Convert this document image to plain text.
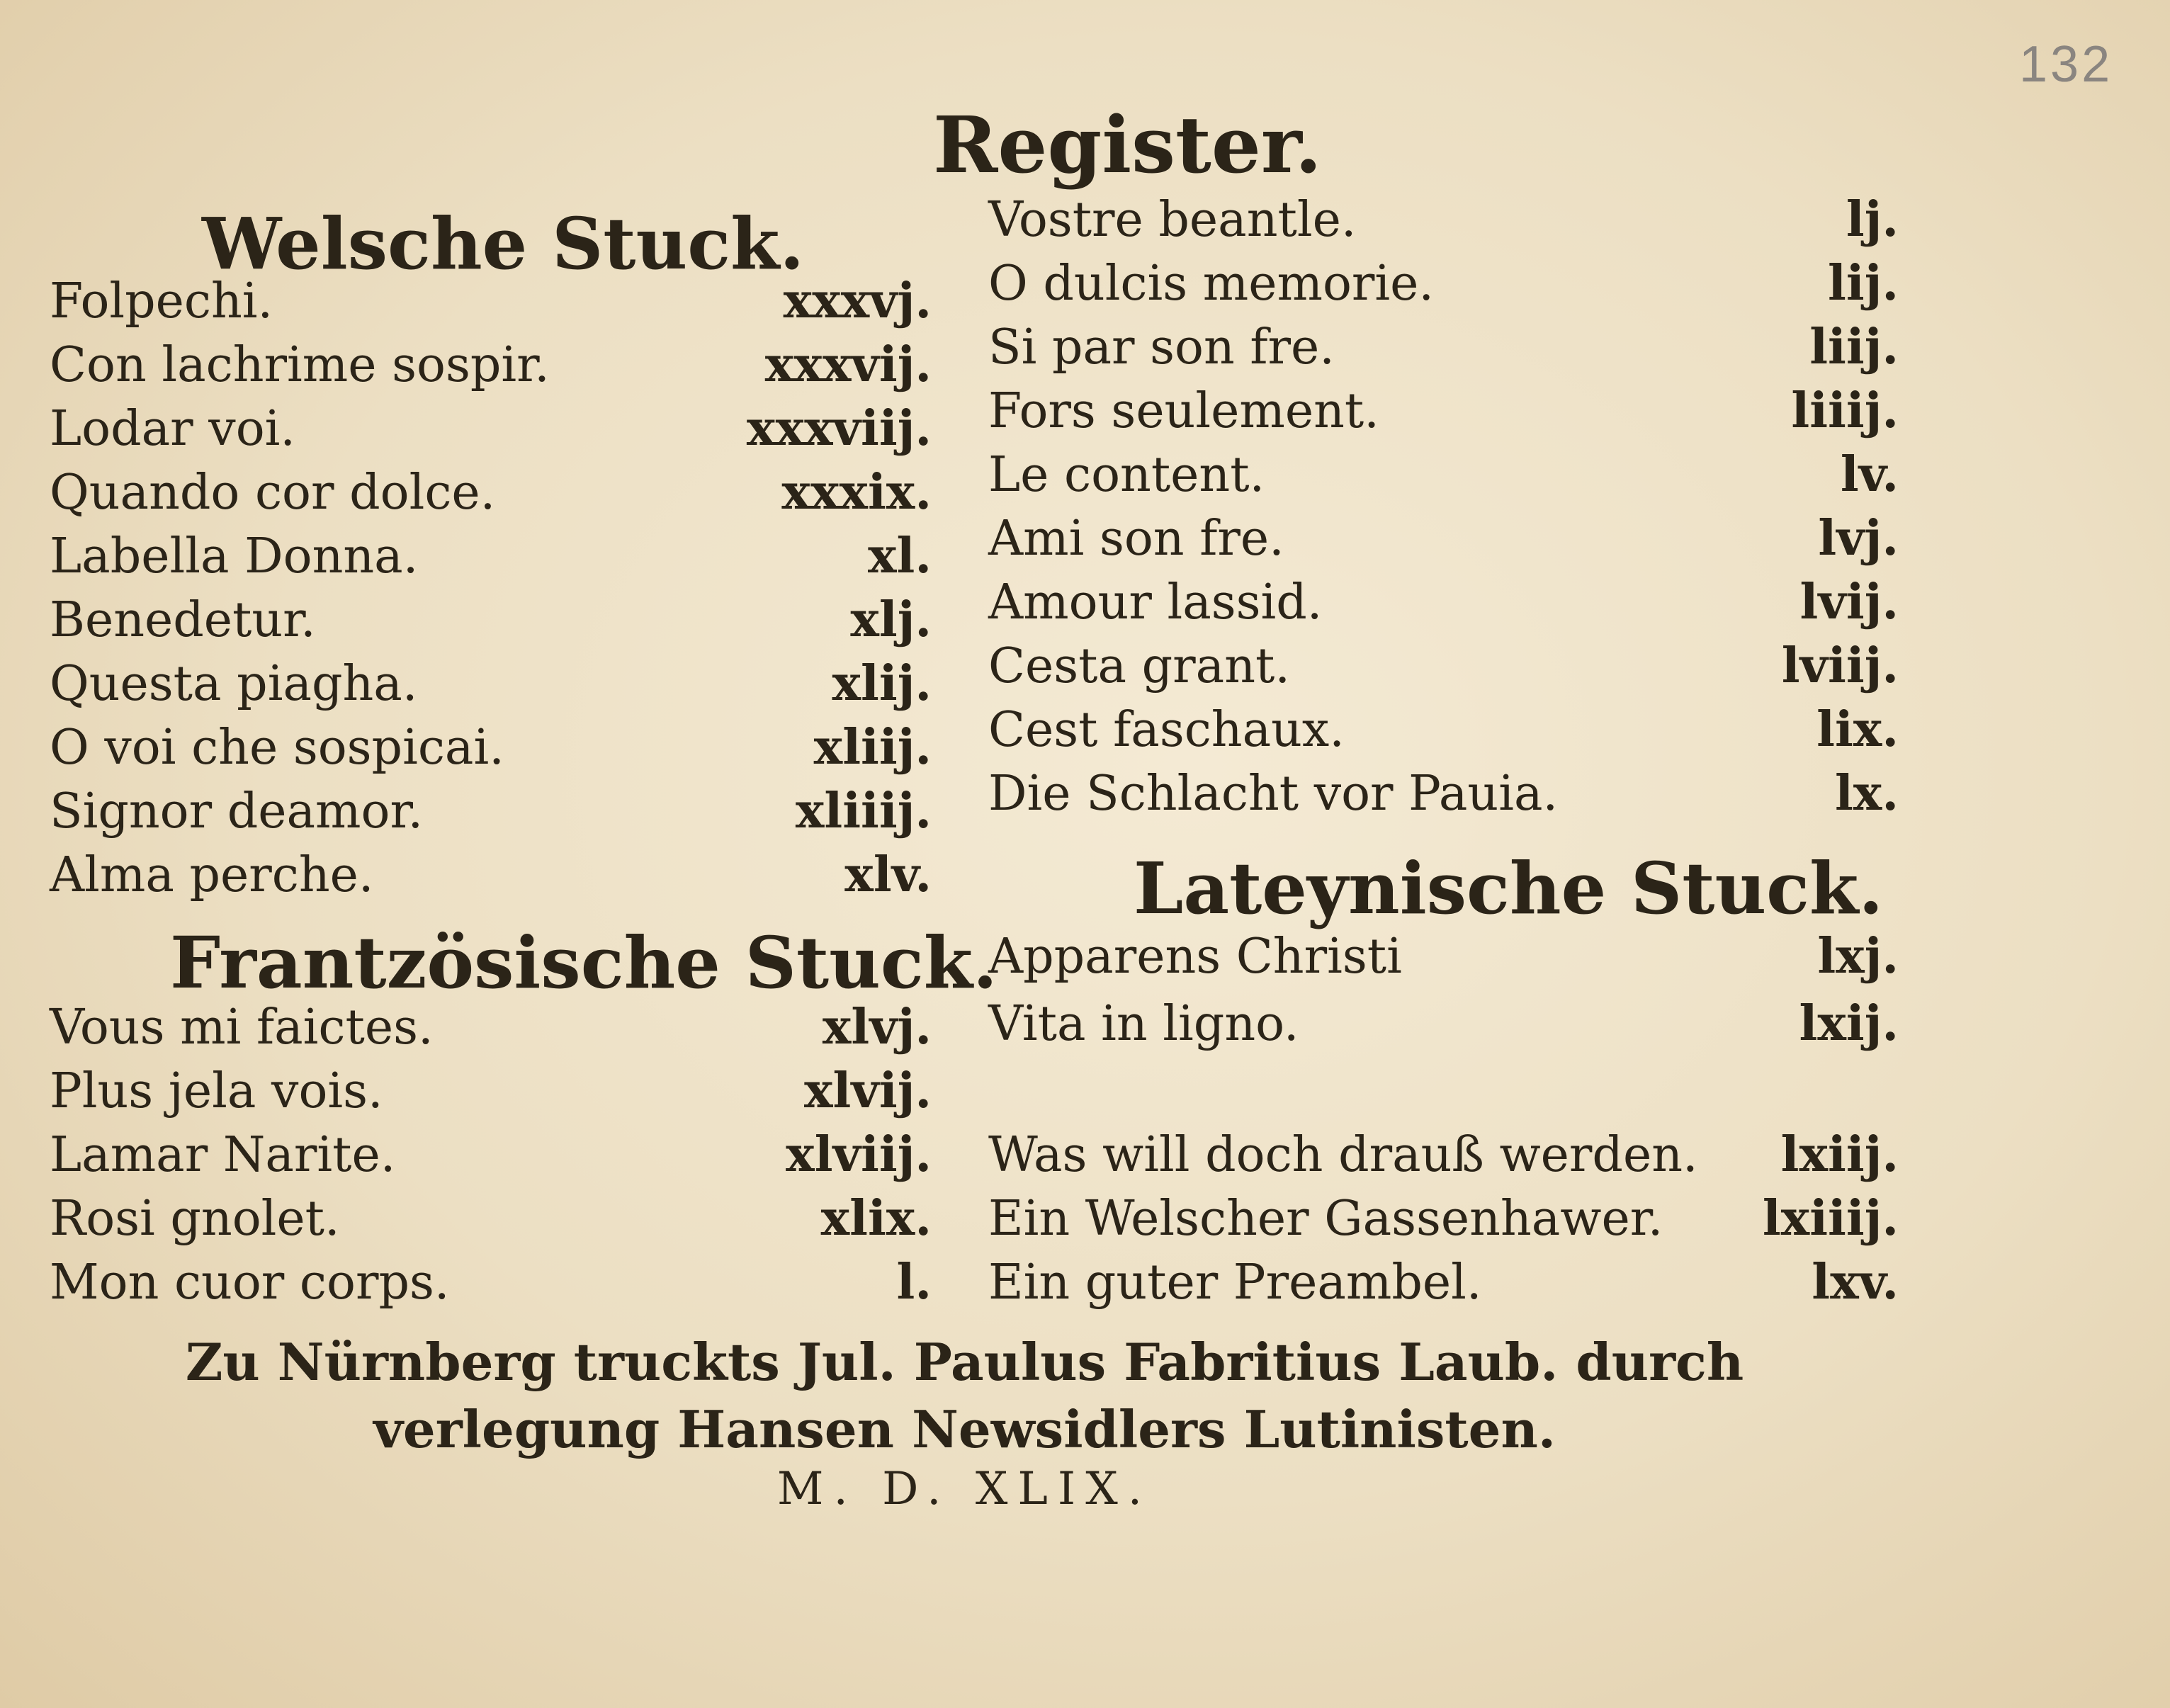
132
Register.
Welsche Stuck.
Folpechi.	xxxvj.
Con lachrime sospir.	xxxvij.
Lodar voi.	xxxviij.
Quando cor dolce.	xxxix.
Labella Donna.	xl.
Benedetur.	xlj.
Questa piagha.	xlij.
O voi che sospicai.	xliij.
Signor deamor.	xliiij.
Alma perche.	xlv.
Frantzösische Stuck.
Vous mi faictes.	xlvj.
Plus jela vois.	xlvij.
Lamar Narite.	xlviij.
Rosi gnolet.	xlix.
Mon cuor corps.	l.
Vostre beantle.	lj.
O dulcis memorie.	lij.
Si par son fre.	liij.
Fors seulement.	liiij.
Le content.	lv.
Ami son fre.	lvj.
Amour lassid.	lvij.
Cesta grant.	lviij.
Cest faschaux.	lix.
Die Schlacht vor Pauia.	lx.
Lateynische Stuck.
Apparens Christi	lxj.
Vita in ligno.	lxij.
Was will doch drauß werden. lxiij.
Ein Welscher Gassenhawer. lxiiij.
Ein guter Preambel.	lxv.
Zu Nürnberg truckts Jul. Paulus Fabritius Laub. durch
verlegung Hansen Newsidlers Lutinisten.
M. D. XLIX.
